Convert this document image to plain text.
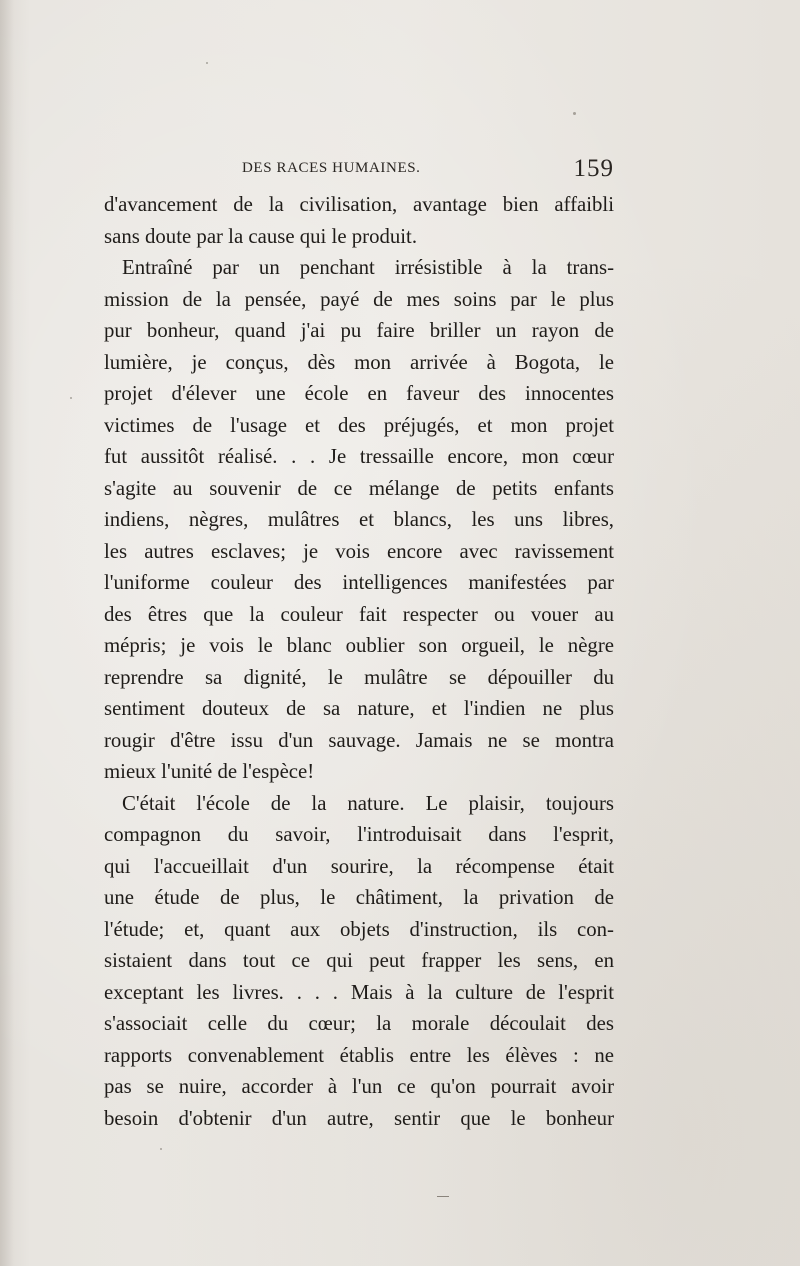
DES RACES HUMAINES.	159
d'avancement de la civilisation, avantage bien affaibli
sans doute par la cause qui le produit.
Entraîné par un penchant irrésistible à la trans-
mission de la pensée, payé de mes soins par le plus
pur bonheur, quand j'ai pu faire briller un rayon de
lumière, je conçus, dès mon arrivée à Bogota, le
projet d'élever une école en faveur des innocentes
victimes de l'usage et des préjugés, et mon projet
fut aussitôt réalisé. . . Je tressaille encore, mon cœur
s'agite au souvenir de ce mélange de petits enfants
indiens, nègres, mulâtres et blancs, les uns libres,
les autres esclaves; je vois encore avec ravissement
l'uniforme couleur des intelligences manifestées par
des êtres que la couleur fait respecter ou vouer au
mépris; je vois le blanc oublier son orgueil, le nègre
reprendre sa dignité, le mulâtre se dépouiller du
sentiment douteux de sa nature, et l'indien ne plus
rougir d'être issu d'un sauvage. Jamais ne se montra
mieux l'unité de l'espèce!
C'était l'école de la nature. Le plaisir, toujours
compagnon du savoir, l'introduisait dans l'esprit,
qui l'accueillait d'un sourire, la récompense était
une étude de plus, le châtiment, la privation de
l'étude; et, quant aux objets d'instruction, ils con-
sistaient dans tout ce qui peut frapper les sens, en
exceptant les livres. . . . Mais à la culture de l'esprit
s'associait celle du cœur; la morale découlait des
rapports convenablement établis entre les élèves : ne
pas se nuire, accorder à l'un ce qu'on pourrait avoir
besoin d'obtenir d'un autre, sentir que le bonheur
